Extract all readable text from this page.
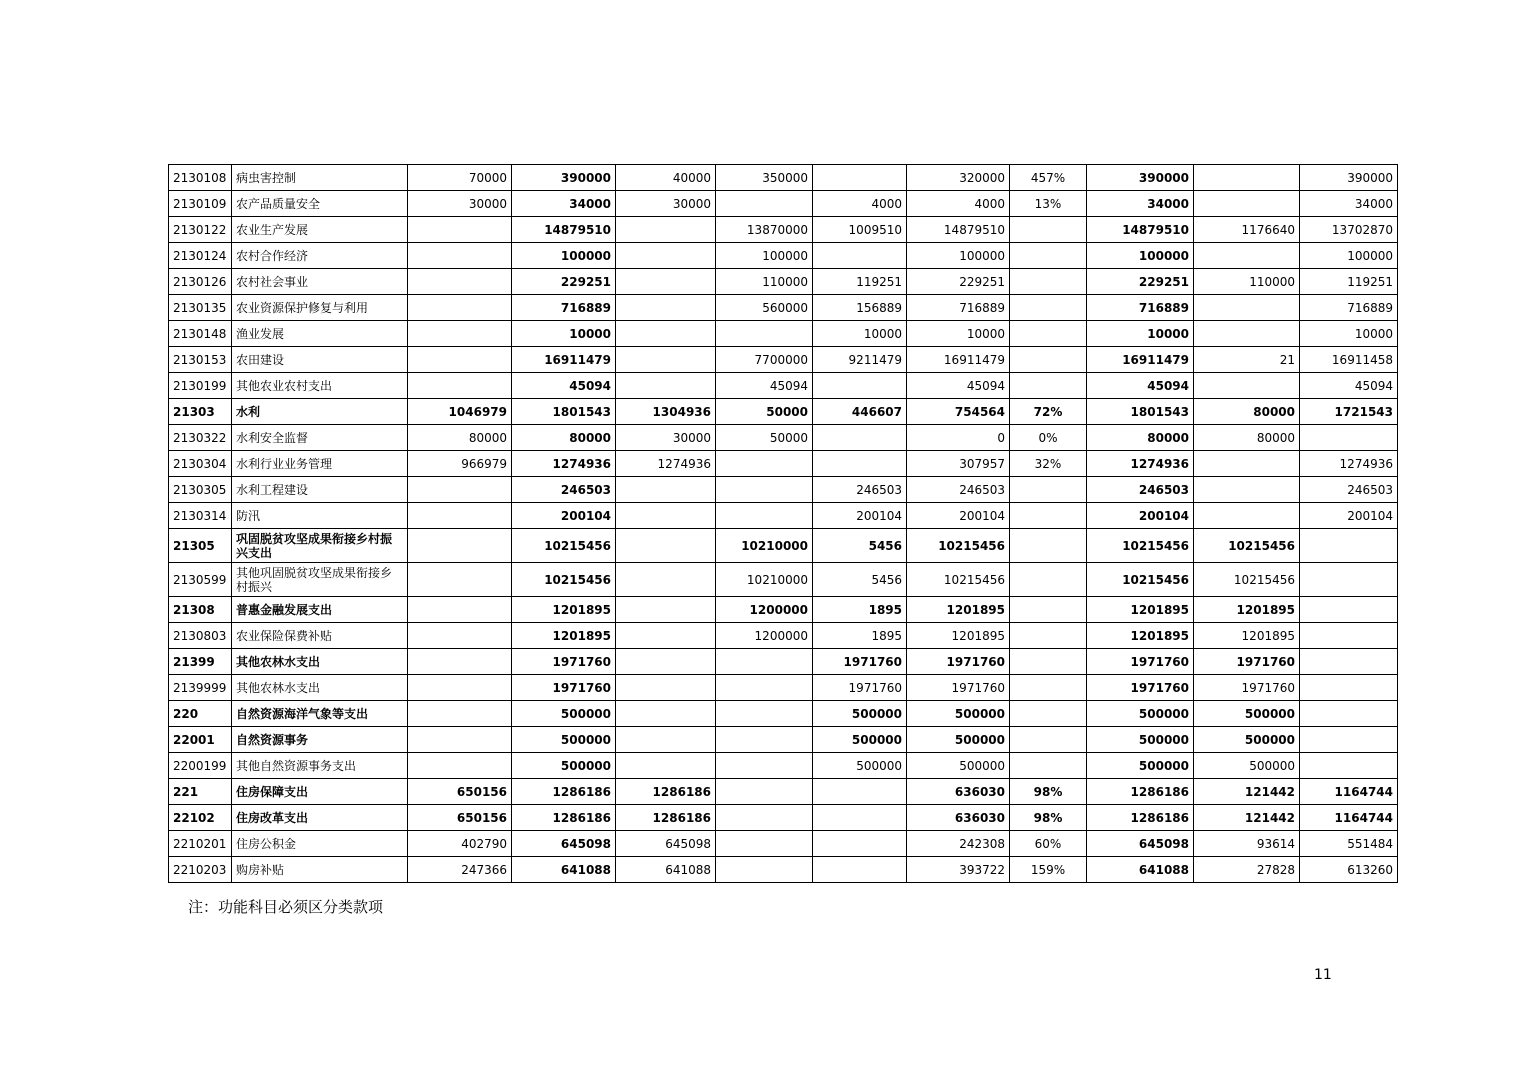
2130108	病虫害控制	70000	390000	40000	350000		320000	457%	390000		390000
2130109	农产品质量安全	30000	34000	30000		4000	4000	13%	34000		34000
2130122	农业生产发展		14879510		13870000	1009510	14879510		14879510	1176640	13702870
2130124	农村合作经济		100000		100000		100000		100000		100000
2130126	农村社会事业		229251		110000	119251	229251		229251	110000	119251
2130135	农业资源保护修复与利用		716889		560000	156889	716889		716889		716889
2130148	渔业发展		10000			10000	10000		10000		10000
2130153	农田建设		16911479		7700000	9211479	16911479		16911479	21	16911458
2130199	其他农业农村支出		45094		45094		45094		45094		45094
21303	水利	1046979	1801543	1304936	50000	446607	754564	72%	1801543	80000	1721543
2130322	水利安全监督	80000	80000	30000	50000		0	0%	80000	80000	
2130304	水利行业业务管理	966979	1274936	1274936			307957	32%	1274936		1274936
2130305	水利工程建设		246503			246503	246503		246503		246503
2130314	防汛		200104			200104	200104		200104		200104
21305	巩固脱贫攻坚成果衔接乡村振兴支出		10215456		10210000	5456	10215456		10215456	10215456	
2130599	其他巩固脱贫攻坚成果衔接乡村振兴		10215456		10210000	5456	10215456		10215456	10215456	
21308	普惠金融发展支出		1201895		1200000	1895	1201895		1201895	1201895	
2130803	农业保险保费补贴		1201895		1200000	1895	1201895		1201895	1201895	
21399	其他农林水支出		1971760			1971760	1971760		1971760	1971760	
2139999	其他农林水支出		1971760			1971760	1971760		1971760	1971760	
220	自然资源海洋气象等支出		500000			500000	500000		500000	500000	
22001	自然资源事务		500000			500000	500000		500000	500000	
2200199	其他自然资源事务支出		500000			500000	500000		500000	500000	
221	住房保障支出	650156	1286186	1286186			636030	98%	1286186	121442	1164744
22102	住房改革支出	650156	1286186	1286186			636030	98%	1286186	121442	1164744
2210201	住房公积金	402790	645098	645098			242308	60%	645098	93614	551484
2210203	购房补贴	247366	641088	641088			393722	159%	641088	27828	613260
注：功能科目必须区分类款项
11
